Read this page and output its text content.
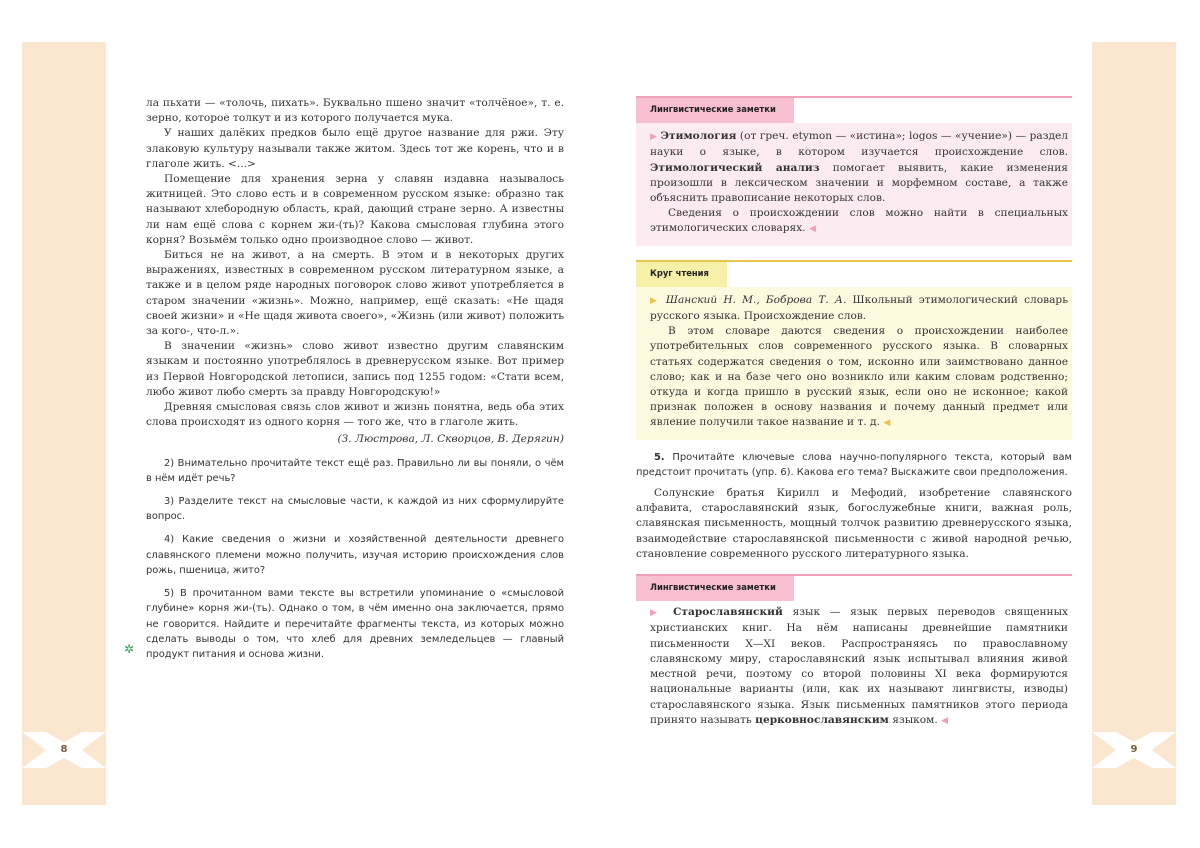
8	9

ла пьхати — «толочь, пихать». Буквально пшено значит «толчёное», т. е. зерно, которое толкут и из которого получается мука.

У наших далёких предков было ещё другое название для ржи. Эту злаковую культуру называли также житом. Здесь тот же корень, что и в глаголе жить. <...>

Помещение для хранения зерна у славян издавна называлось житницей. Это слово есть и в современном русском языке: образно так называют хлебородную область, край, дающий стране зерно. А известны ли нам ещё слова с корнем жи-(ть)? Какова смысловая глубина этого корня? Возьмём только одно производное слово — живот.

Биться не на живот, а на смерть. В этом и в некоторых других выражениях, известных в современном русском литературном языке, а также и в целом ряде народных поговорок слово живот употребляется в старом значении «жизнь». Можно, например, ещё сказать: «Не щадя своей жизни» и «Не щадя живота своего», «Жизнь (или живот) положить за кого-, что-л.».

В значении «жизнь» слово живот известно другим славянским языкам и постоянно употреблялось в древнерусском языке. Вот пример из Первой Новгородской летописи, запись под 1255 годом: «Стати всем, любо живот любо смерть за правду Новгородскую!»

Древняя смысловая связь слов живот и жизнь понятна, ведь оба этих слова происходят из одного корня — того же, что в глаголе жить.

(З. Люстрова, Л. Скворцов, В. Дерягин)

2) Внимательно прочитайте текст ещё раз. Правильно ли вы поняли, о чём в нём идёт речь?

3) Разделите текст на смысловые части, к каждой из них сформулируйте вопрос.

4) Какие сведения о жизни и хозяйственной деятельности древнего славянского племени можно получить, изучая историю происхождения слов рожь, пшеница, жито?

5) В прочитанном вами тексте вы встретили упоминание о «смысловой глубине» корня жи-(ть). Однако о том, в чём именно она заключается, прямо не говорится. Найдите и перечитайте фрагменты текста, из которых можно сделать выводы о том, что хлеб для древних земледельцев — главный продукт питания и основа жизни.

✲
Лингвистические заметки

▶ Этимология (от греч. etymon — «истина»; logos — «учение») — раздел науки о языке, в котором изучается происхождение слов. Этимологический анализ помогает выявить, какие изменения произошли в лексическом значении и морфемном составе, а также объяснить правописание некоторых слов.

Сведения о происхождении слов можно найти в специальных этимологических словарях. ◀

Круг чтения

▶ Шанский Н. М., Боброва Т. А. Школьный этимологический словарь русского языка. Происхождение слов.

В этом словаре даются сведения о происхождении наиболее употребительных слов современного русского языка. В словарных статьях содержатся сведения о том, исконно или заимствовано данное слово; как и на базе чего оно возникло или каким словам родственно; откуда и когда пришло в русский язык, если оно не исконное; какой признак положен в основу названия и почему данный предмет или явление получили такое название и т. д. ◀

5. Прочитайте ключевые слова научно-популярного текста, который вам предстоит прочитать (упр. 6). Какова его тема? Выскажите свои предположения.

Солунские братья Кирилл и Мефодий, изобретение славянского алфавита, старославянский язык, богослужебные книги, важная роль, славянская письменность, мощный толчок развитию древнерусского языка, взаимодействие старославянской письменности с живой народной речью, становление современного русского литературного языка.

Лингвистические заметки

▶ Старославянский язык — язык первых переводов священных христианских книг. На нём написаны древнейшие памятники письменности X—XI веков. Распространяясь по православному славянскому миру, старославянский язык испытывал влияния живой местной речи, поэтому со второй половины XI века формируются национальные варианты (или, как их называют лингвисты, изводы) старославянского языка. Язык письменных памятников этого периода принято называть церковнославянским языком. ◀
